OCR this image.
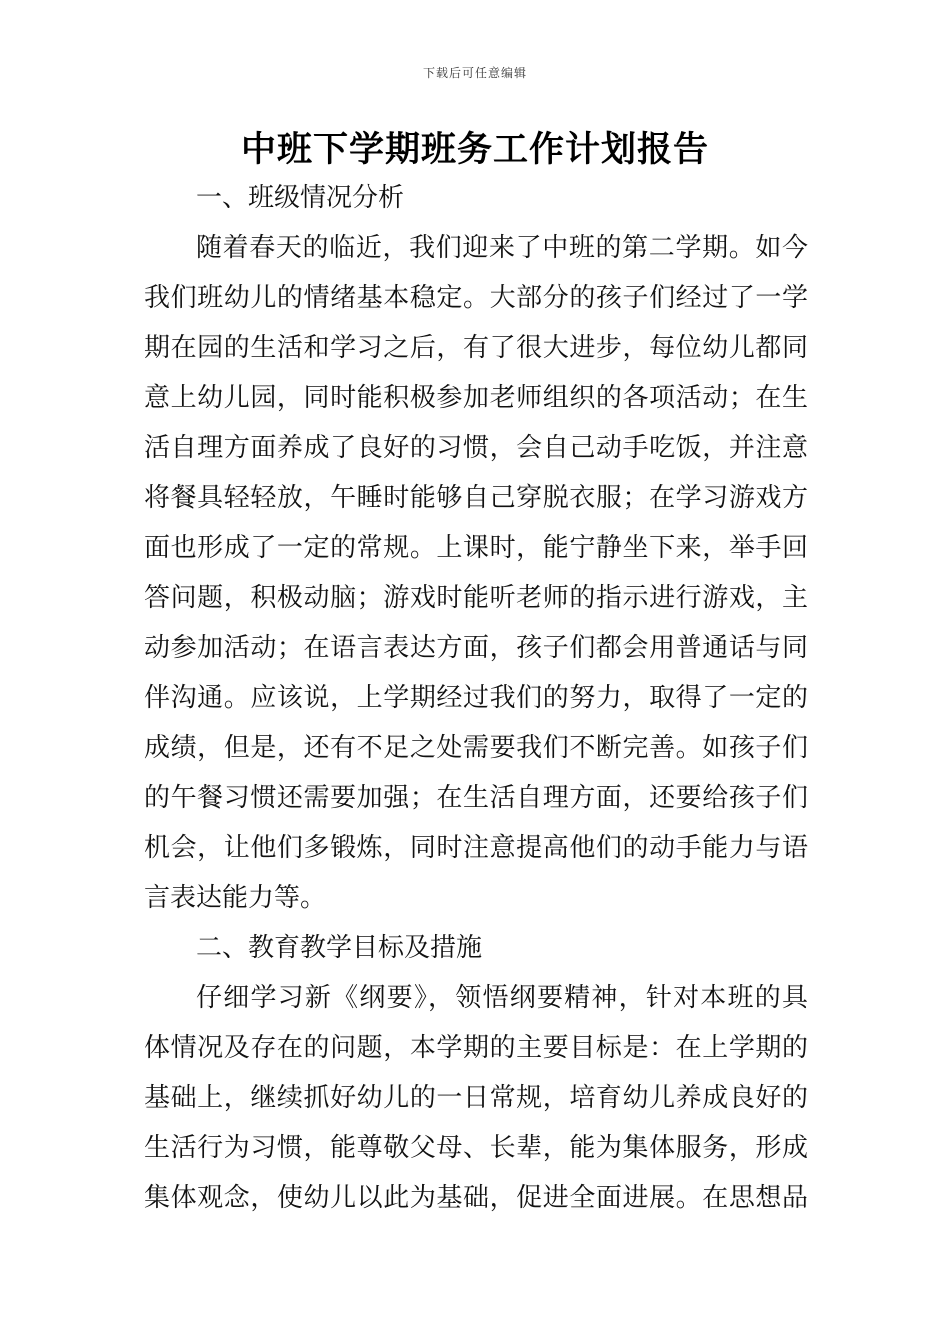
下载后可任意编辑
中班下学期班务工作计划报告
一、班级情况分析
随着春天的临近，我们迎来了中班的第二学期。如今
我们班幼儿的情绪基本稳定。大部分的孩子们经过了一学
期在园的生活和学习之后，有了很大进步，每位幼儿都同
意上幼儿园，同时能积极参加老师组织的各项活动；在生
活自理方面养成了良好的习惯，会自己动手吃饭，并注意
将餐具轻轻放，午睡时能够自己穿脱衣服；在学习游戏方
面也形成了一定的常规。上课时，能宁静坐下来，举手回
答问题，积极动脑；游戏时能听老师的指示进行游戏，主
动参加活动；在语言表达方面，孩子们都会用普通话与同
伴沟通。应该说，上学期经过我们的努力，取得了一定的
成绩，但是，还有不足之处需要我们不断完善。如孩子们
的午餐习惯还需要加强；在生活自理方面，还要给孩子们
机会，让他们多锻炼，同时注意提高他们的动手能力与语
言表达能力等。
二、教育教学目标及措施
仔细学习新《纲要》，领悟纲要精神，针对本班的具
体情况及存在的问题，本学期的主要目标是：在上学期的
基础上，继续抓好幼儿的一日常规，培育幼儿养成良好的
生活行为习惯，能尊敬父母、长辈，能为集体服务，形成
集体观念，使幼儿以此为基础，促进全面进展。在思想品
